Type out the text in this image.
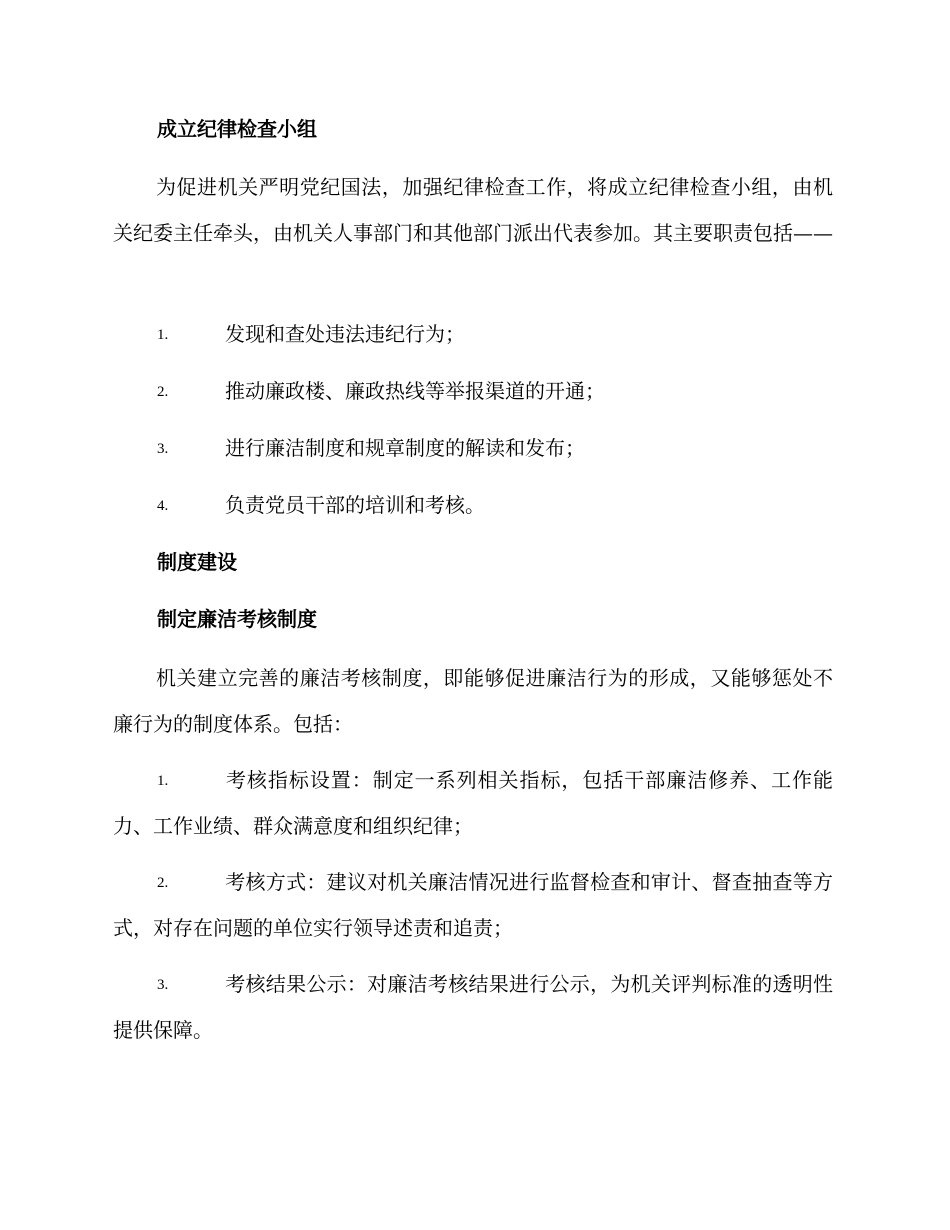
成立纪律检查小组
为促进机关严明党纪国法，加强纪律检查工作，将成立纪律检查小组，由机关纪委主任牵头，由机关人事部门和其他部门派出代表参加。其主要职责包括——
1.	发现和查处违法违纪行为；
2.	推动廉政楼、廉政热线等举报渠道的开通；
3.	进行廉洁制度和规章制度的解读和发布；
4.	负责党员干部的培训和考核。
制度建设
制定廉洁考核制度
机关建立完善的廉洁考核制度，即能够促进廉洁行为的形成，又能够惩处不廉行为的制度体系。包括：
1.	考核指标设置：制定一系列相关指标，包括干部廉洁修养、工作能力、工作业绩、群众满意度和组织纪律；
2.	考核方式：建议对机关廉洁情况进行监督检查和审计、督查抽查等方式，对存在问题的单位实行领导述责和追责；
3.	考核结果公示：对廉洁考核结果进行公示，为机关评判标准的透明性提供保障。
